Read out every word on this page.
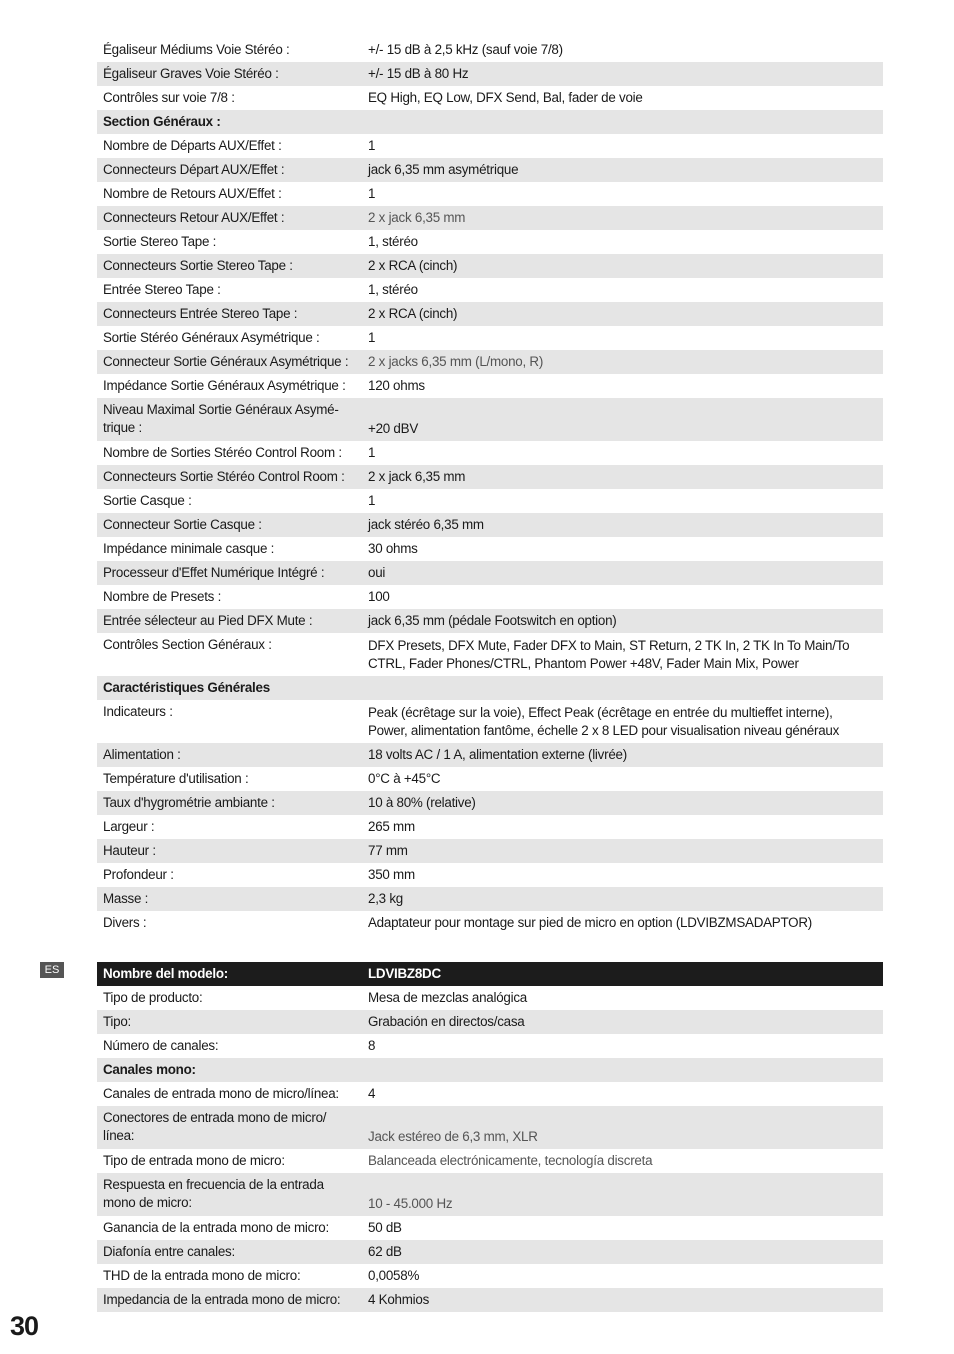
Égaliseur Médiums Voie Stéréo :	+/- 15 dB à 2,5 kHz (sauf voie 7/8)
Égaliseur Graves Voie Stéréo :	+/- 15 dB à 80 Hz
Contrôles sur voie 7/8 :	EQ High, EQ Low, DFX Send, Bal, fader de voie
Section Généraux :
Nombre de Départs AUX/Effet :	1
Connecteurs Départ AUX/Effet :	jack 6,35 mm asymétrique
Nombre de Retours AUX/Effet :	1
Connecteurs Retour AUX/Effet :	2 x jack 6,35 mm
Sortie Stereo Tape :	1, stéréo
Connecteurs Sortie Stereo Tape :	2 x RCA (cinch)
Entrée Stereo Tape :	1, stéréo
Connecteurs Entrée Stereo Tape :	2 x RCA (cinch)
Sortie Stéréo Généraux Asymétrique :	1
Connecteur Sortie Généraux Asymétrique :	2 x jacks 6,35 mm (L/mono, R)
Impédance Sortie Généraux Asymétrique :	120 ohms
Niveau Maximal Sortie Généraux Asymé-trique :	+20 dBV
Nombre de Sorties Stéréo Control Room :	1
Connecteurs Sortie Stéréo Control Room :	2 x jack 6,35 mm
Sortie Casque :	1
Connecteur Sortie Casque :	jack stéréo 6,35 mm
Impédance minimale casque :	30 ohms
Processeur d'Effet Numérique Intégré :	oui
Nombre de Presets :	100
Entrée sélecteur au Pied DFX Mute :	jack 6,35 mm (pédale Footswitch en option)
Contrôles Section Généraux :	DFX Presets, DFX Mute, Fader DFX to Main, ST Return, 2 TK In, 2 TK In To Main/To CTRL, Fader Phones/CTRL, Phantom Power +48V, Fader Main Mix, Power
Caractéristiques Générales
Indicateurs :	Peak (écrêtage sur la voie), Effect Peak (écrêtage en entrée du multieffet interne), Power, alimentation fantôme, échelle 2 x 8 LED pour visualisation niveau généraux
Alimentation :	18 volts AC / 1 A, alimentation externe (livrée)
Température d'utilisation :	0°C à +45°C
Taux d'hygrométrie ambiante :	10 à 80% (relative)
Largeur :	265 mm
Hauteur :	77 mm
Profondeur :	350 mm
Masse :	2,3 kg
Divers :	Adaptateur pour montage sur pied de micro en option (LDVIBZMSADAPTOR)
ES	Nombre del modelo:	LDVIBZ8DC
Tipo de producto:	Mesa de mezclas analógica
Tipo:	Grabación en directos/casa
Número de canales:	8
Canales mono:
Canales de entrada mono de micro/línea:	4
Conectores de entrada mono de micro/ línea:	Jack estéreo de 6,3 mm, XLR
Tipo de entrada mono de micro:	Balanceada electrónicamente, tecnología discreta
Respuesta en frecuencia de la entrada mono de micro:	10 - 45.000 Hz
Ganancia de la entrada mono de micro:	50 dB
Diafonía entre canales:	62 dB
THD de la entrada mono de micro:	0,0058%
Impedancia de la entrada mono de micro:	4 Kohmios
30
